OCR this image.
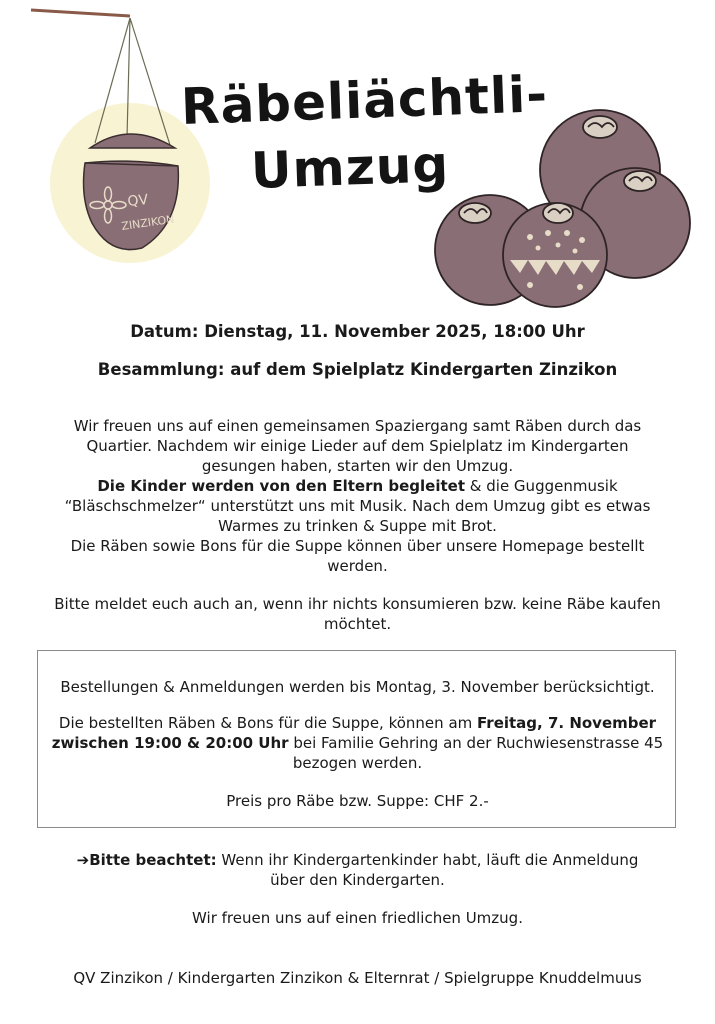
QV
ZINZIKON
Räbeliächtli-
Umzug
Datum: Dienstag, 11. November 2025, 18:00 Uhr
Besammlung: auf dem Spielplatz Kindergarten Zinzikon
Wir freuen uns auf einen gemeinsamen Spaziergang samt Räben durch das
Quartier. Nachdem wir einige Lieder auf dem Spielplatz im Kindergarten
gesungen haben, starten wir den Umzug.
Die Kinder werden von den Eltern begleitet & die Guggenmusik
“Bläschschmelzer“ unterstützt uns mit Musik. Nach dem Umzug gibt es etwas
Warmes zu trinken & Suppe mit Brot.
Die Räben sowie Bons für die Suppe können über unsere Homepage bestellt
werden.
Bitte meldet euch auch an, wenn ihr nichts konsumieren bzw. keine Räbe kaufen
möchtet.
Bestellungen & Anmeldungen werden bis Montag, 3. November berücksichtigt.
Die bestellten Räben & Bons für die Suppe, können am Freitag, 7. November
zwischen 19:00 & 20:00 Uhr bei Familie Gehring an der Ruchwiesenstrasse 45
bezogen werden.
Preis pro Räbe bzw. Suppe: CHF 2.-
➔Bitte beachtet: Wenn ihr Kindergartenkinder habt, läuft die Anmeldung
über den Kindergarten.
Wir freuen uns auf einen friedlichen Umzug.
QV Zinzikon / Kindergarten Zinzikon & Elternrat / Spielgruppe Knuddelmuus
